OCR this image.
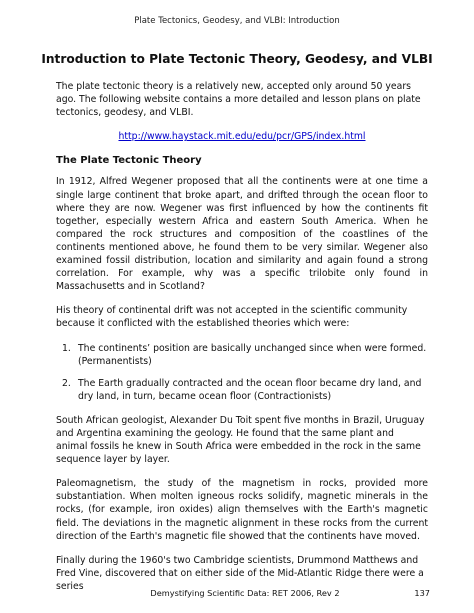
Plate Tectonics, Geodesy, and VLBI: Introduction
Introduction to Plate Tectonic Theory, Geodesy, and VLBI

The plate tectonic theory is a relatively new, accepted only around 50 years ago. The following website contains a more detailed and lesson plans on plate tectonics, geodesy, and VLBI.

http://www.haystack.mit.edu/edu/pcr/GPS/index.html

The Plate Tectonic Theory

In 1912, Alfred Wegener proposed that all the continents were at one time a single large continent that broke apart, and drifted through the ocean floor to where they are now. Wegener was first influenced by how the continents fit together, especially western Africa and eastern South America. When he compared the rock structures and composition of the coastlines of the continents mentioned above, he found them to be very similar. Wegener also examined fossil distribution, location and similarity and again found a strong correlation. For example, why was a specific trilobite only found in Massachusetts and in Scotland?

His theory of continental drift was not accepted in the scientific community because it conflicted with the established theories which were:

1. The continents’ position are basically unchanged since when were formed. (Permanentists)
2. The Earth gradually contracted and the ocean floor became dry land, and dry land, in turn, became ocean floor (Contractionists)

South African geologist, Alexander Du Toit spent five months in Brazil, Uruguay and Argentina examining the geology. He found that the same plant and animal fossils he knew in South Africa were embedded in the rock in the same sequence layer by layer.

Paleomagnetism, the study of the magnetism in rocks, provided more substantiation. When molten igneous rocks solidify, magnetic minerals in the rocks, (for example, iron oxides) align themselves with the Earth's magnetic field. The deviations in the magnetic alignment in these rocks from the current direction of the Earth's magnetic file showed that the continents have moved.

Finally during the 1960's two Cambridge scientists, Drummond Matthews and Fred Vine, discovered that on either side of the Mid-Atlantic Ridge there were a series

Demystifying Scientific Data: RET 2006, Rev 2	137
